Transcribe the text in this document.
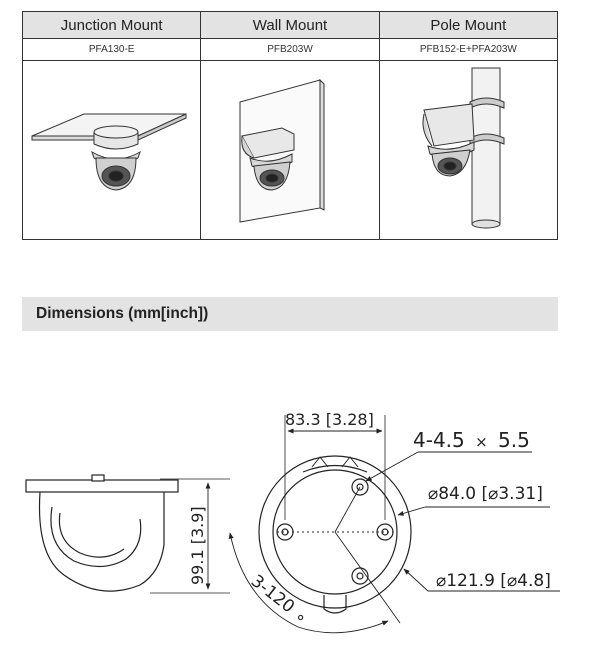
Junction Mount	Wall Mount	Pole Mount
PFA130-E	PFB203W	PFB152-E+PFA203W

Dimensions (mm[inch])
99.1 [3.9]
83.3 [3.28]
4-4.5 × 5.5
⌀84.0 [⌀3.31]
⌀121.9 [⌀4.8]
3-120 °
